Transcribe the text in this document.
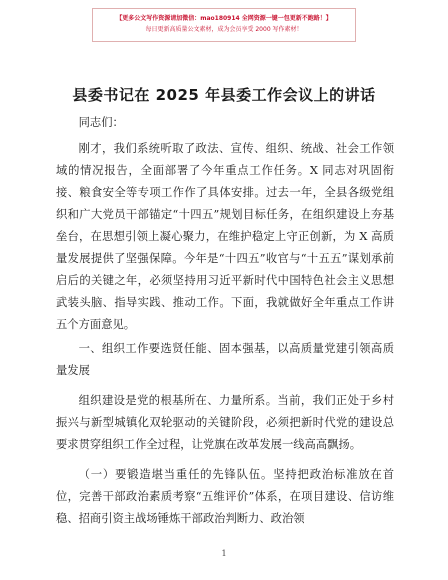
【更多公文写作资源请加微信：mao180914 全网资源一键一包更新不跑路！】
每日更新高质量公文素材，成为会员享受 2000 写作素材！
县委书记在 2025 年县委工作会议上的讲话

同志们：

刚才，我们系统听取了政法、宣传、组织、统战、社会工作领域的情况报告，全面部署了今年重点工作任务。X 同志对巩固衔接、粮食安全等专项工作作了具体安排。过去一年，全县各级党组织和广大党员干部锚定“十四五”规划目标任务，在组织建设上夯基垒台，在思想引领上凝心聚力，在维护稳定上守正创新，为 X 高质量发展提供了坚强保障。今年是“十四五”收官与“十五五”谋划承前启后的关键之年，必须坚持用习近平新时代中国特色社会主义思想武装头脑、指导实践、推动工作。下面，我就做好全年重点工作讲五个方面意见。

一、组织工作要选贤任能、固本强基，以高质量党建引领高质量发展

组织建设是党的根基所在、力量所系。当前，我们正处于乡村振兴与新型城镇化双轮驱动的关键阶段，必须把新时代党的建设总要求贯穿组织工作全过程，让党旗在改革发展一线高高飘扬。

（一）要锻造堪当重任的先锋队伍。坚持把政治标准放在首位，完善干部政治素质考察“五维评价”体系，在项目建设、信访维稳、招商引资主战场锤炼干部政治判断力、政治领

1
